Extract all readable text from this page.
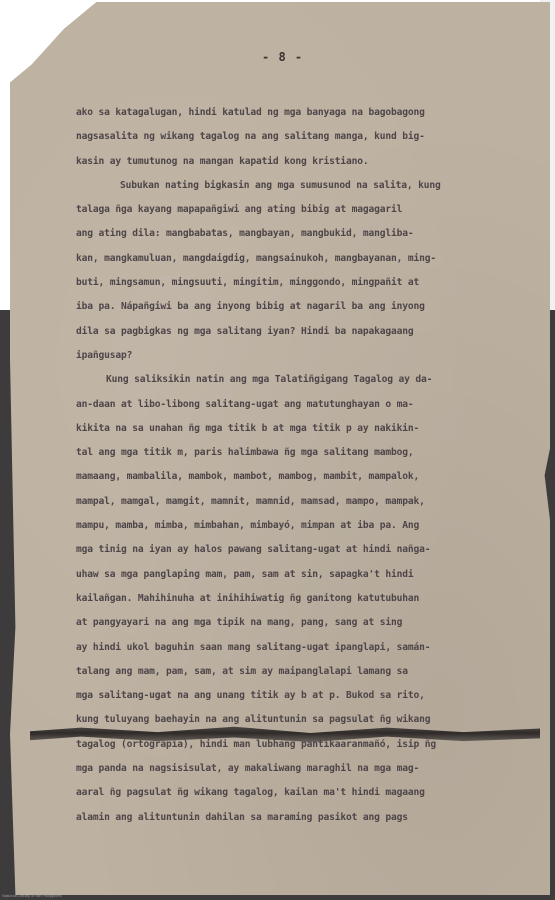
- 8 -
ako sa katagalugan, hindi katulad ng mga banyaga na bagobagong
nagsasalita ng wikang tagalog na ang salitang manga, kund big-
kasin ay tumutunog na mangan kapatid kong kristiano.
Subukan nating bigkasin ang mga sumusunod na salita, kung
talaga ñga kayang mapapañgiwi ang ating bibig at magagaril
ang ating dila: mangbabatas, mangbayan, mangbukid, mangliba-
kan, mangkamuluan, mangdaigdig, mangsainukoh, mangbayanan, ming-
buti, mingsamun, mingsuuti, mingitim, minggondo, mingpañit at
iba pa. Nápañgiwi ba ang inyong bibig at nagaril ba ang inyong
dila sa pagbigkas ng mga salitang iyan? Hindi ba napakagaang
ipañgusap?
Kung saliksikin natin ang mga Talatiñgigang Tagalog ay da-
an-daan at libo-libong salitang-ugat ang matutunghayan o ma-
kikita na sa unahan ñg mga titik b at mga titik p ay nakikin-
tal ang mga titik m, paris halimbawa ñg mga salitang mambog,
mamaang, mambalila, mambok, mambot, mambog, mambit, mampalok,
mampal, mamgal, mamgit, mamnit, mamnid, mamsad, mampo, mampak,
mampu, mamba, mimba, mimbahan, mimbayó, mimpan at iba pa. Ang
mga tinig na iyan ay halos pawang salitang-ugat at hindi nañga-
uhaw sa mga panglaping mam, pam, sam at sin, sapagka't hindi
kailañgan. Mahihinuha at inihihiwatig ñg ganitong katutubuhan
at pangyayari na ang mga tipik na mang, pang, sang at sing
ay hindi ukol baguhin saan mang salitang-ugat ipanglapi, samán-
talang ang mam, pam, sam, at sim ay maipanglalapi lamang sa
mga salitang-ugat na ang unang titik ay b at p. Bukod sa rito,
kung tuluyang baehayin na ang alituntunin sa pagsulat ñg wikang
tagalog (ortograpia), hindi man lubhang pantikaaranmañó, isip ñg
mga panda na nagsisisulat, ay makaliwang maraghil na mga mag-
aaral ñg pagsulat ñg wikang tagalog, kailan ma't hindi magaang
alamin ang alituntunin dahilan sa maraming pasikot ang pags
National Library of the Philippines
